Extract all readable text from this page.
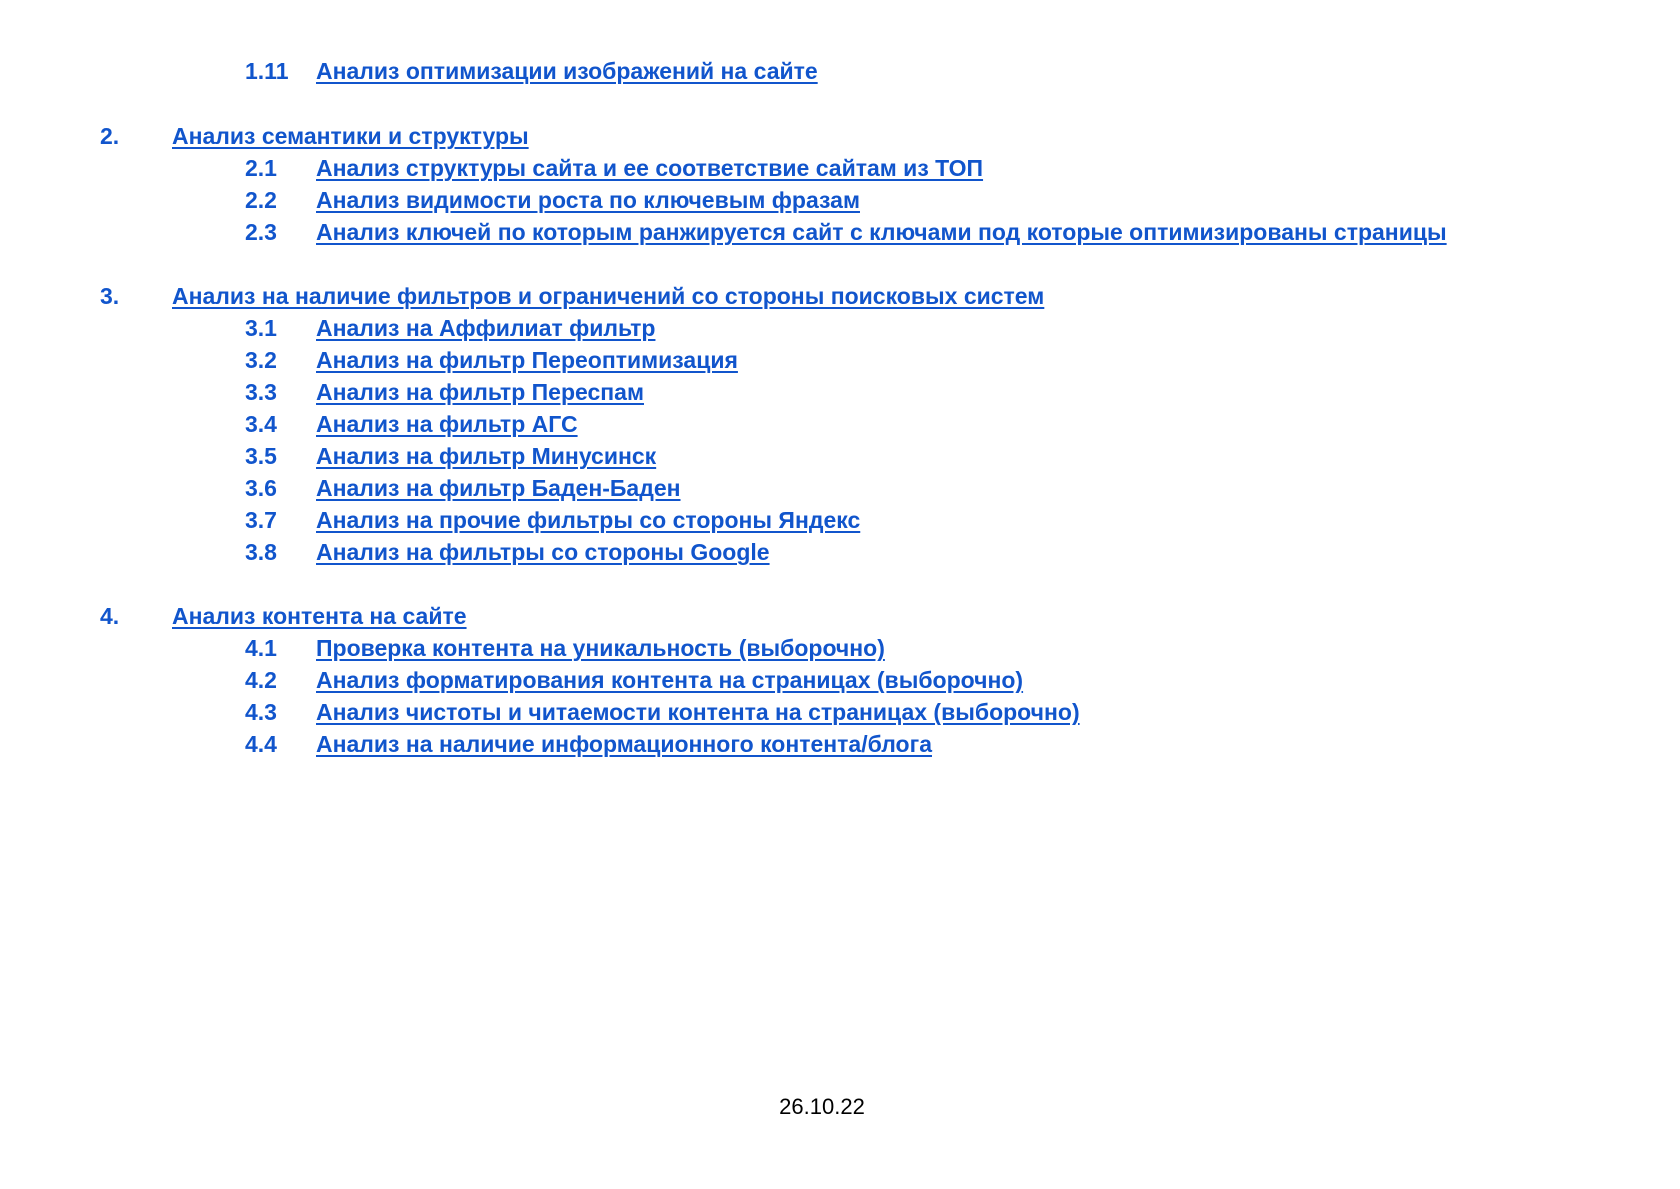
1.11 Анализ оптимизации изображений на сайте
2. Анализ семантики и структуры
2.1 Анализ структуры сайта и ее соответствие сайтам из ТОП
2.2 Анализ видимости роста по ключевым фразам
2.3 Анализ ключей по которым ранжируется сайт с ключами под которые оптимизированы страницы
3. Анализ на наличие фильтров и ограничений со стороны поисковых систем
3.1 Анализ на Аффилиат фильтр
3.2 Анализ на фильтр Переоптимизация
3.3 Анализ на фильтр Переспам
3.4 Анализ на фильтр АГС
3.5 Анализ на фильтр Минусинск
3.6 Анализ на фильтр Баден-Баден
3.7 Анализ на прочие фильтры со стороны Яндекс
3.8 Анализ на фильтры со стороны Google
4. Анализ контента на сайте
4.1 Проверка контента на уникальность (выборочно)
4.2 Анализ форматирования контента на страницах (выборочно)
4.3 Анализ чистоты и читаемости контента на страницах (выборочно)
4.4 Анализ на наличие информационного контента/блога
26.10.22
